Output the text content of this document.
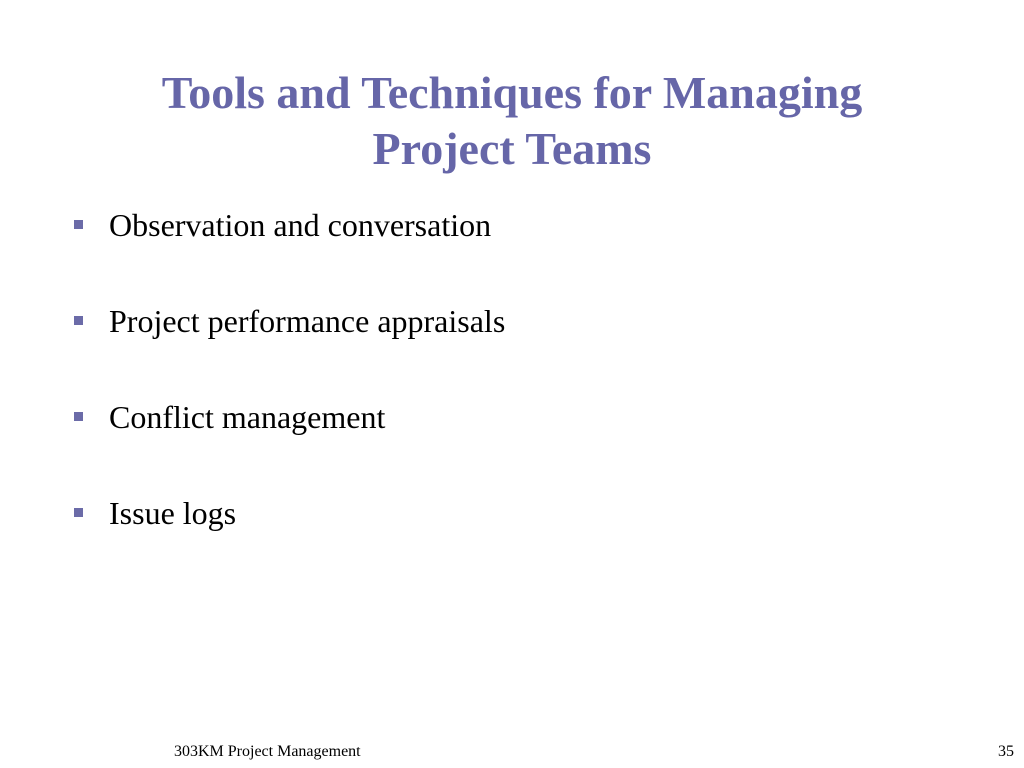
Tools and Techniques for Managing
Project Teams
Observation and conversation
Project performance appraisals
Conflict management
Issue logs
303KM Project Management	35
